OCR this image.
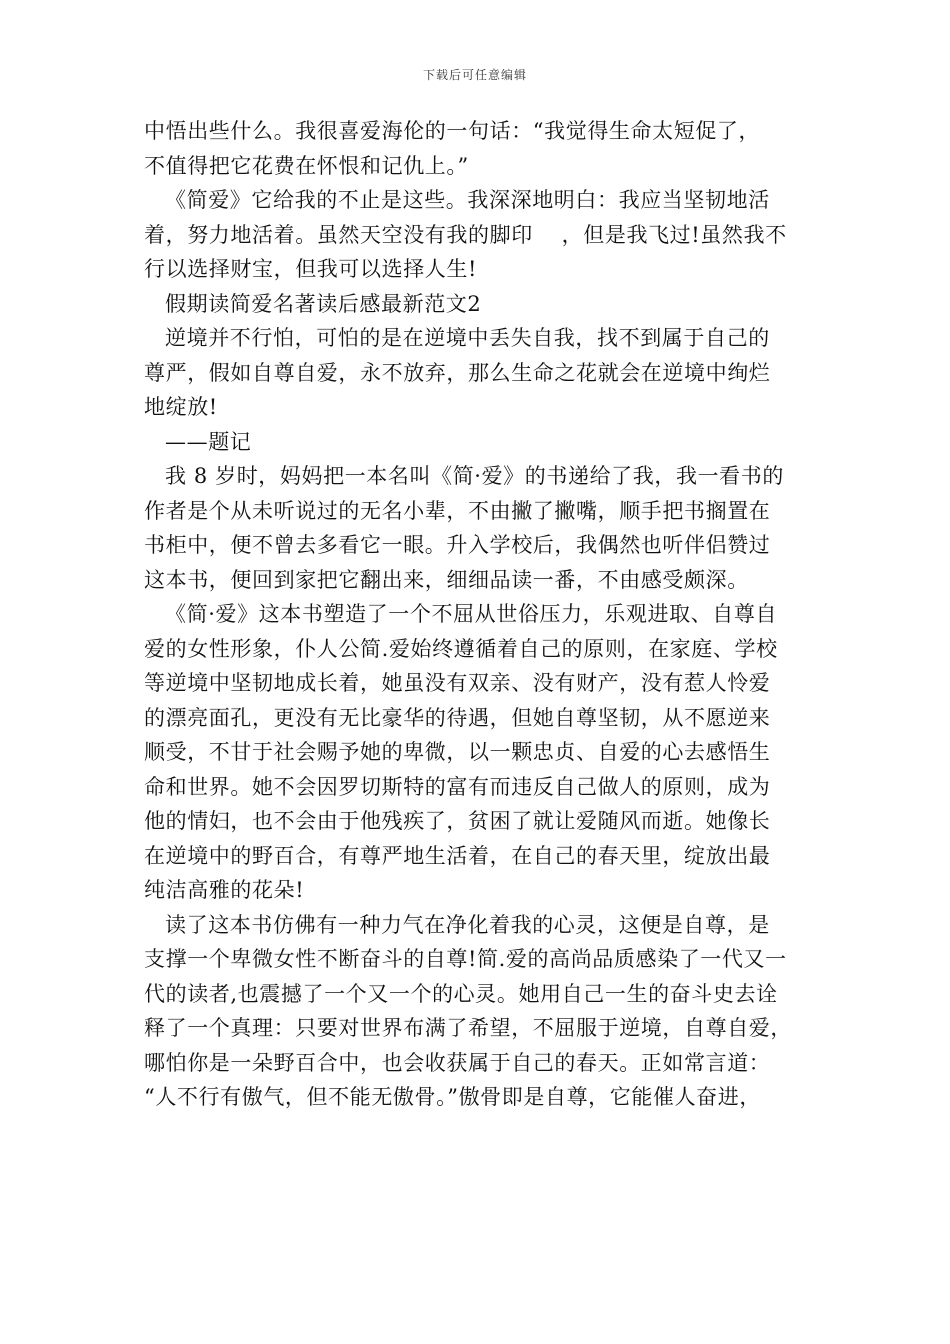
下载后可任意编辑
中悟出些什么。我很喜爱海伦的一句话：“我觉得生命太短促了，
不值得把它花费在怀恨和记仇上。”
《简爱》它给我的不止是这些。我深深地明白：我应当坚韧地活
着，努力地活着。虽然天空没有我的脚印　 ，但是我飞过!虽然我不
行以选择财宝，但我可以选择人生!
假期读简爱名著读后感最新范文2
逆境并不行怕，可怕的是在逆境中丢失自我，找不到属于自己的
尊严，假如自尊自爱，永不放弃，那么生命之花就会在逆境中绚烂
地绽放!
——题记
我 8 岁时，妈妈把一本名叫《简·爱》的书递给了我，我一看书的
作者是个从未听说过的无名小辈，不由撇了撇嘴，顺手把书搁置在
书柜中，便不曾去多看它一眼。升入学校后，我偶然也听伴侣赞过
这本书，便回到家把它翻出来，细细品读一番，不由感受颇深。
《简·爱》这本书塑造了一个不屈从世俗压力，乐观进取、自尊自
爱的女性形象，仆人公简.爱始终遵循着自己的原则，在家庭、学校
等逆境中坚韧地成长着，她虽没有双亲、没有财产，没有惹人怜爱
的漂亮面孔，更没有无比豪华的待遇，但她自尊坚韧，从不愿逆来
顺受，不甘于社会赐予她的卑微，以一颗忠贞、自爱的心去感悟生
命和世界。她不会因罗切斯特的富有而违反自己做人的原则，成为
他的情妇，也不会由于他残疾了，贫困了就让爱随风而逝。她像长
在逆境中的野百合，有尊严地生活着，在自己的春天里，绽放出最
纯洁高雅的花朵!
读了这本书仿佛有一种力气在净化着我的心灵，这便是自尊，是
支撑一个卑微女性不断奋斗的自尊!简.爱的高尚品质感染了一代又一
代的读者,也震撼了一个又一个的心灵。她用自己一生的奋斗史去诠
释了一个真理：只要对世界布满了希望，不屈服于逆境，自尊自爱，
哪怕你是一朵野百合中，也会收获属于自己的春天。正如常言道：
“人不行有傲气，但不能无傲骨。”傲骨即是自尊，它能催人奋进，
